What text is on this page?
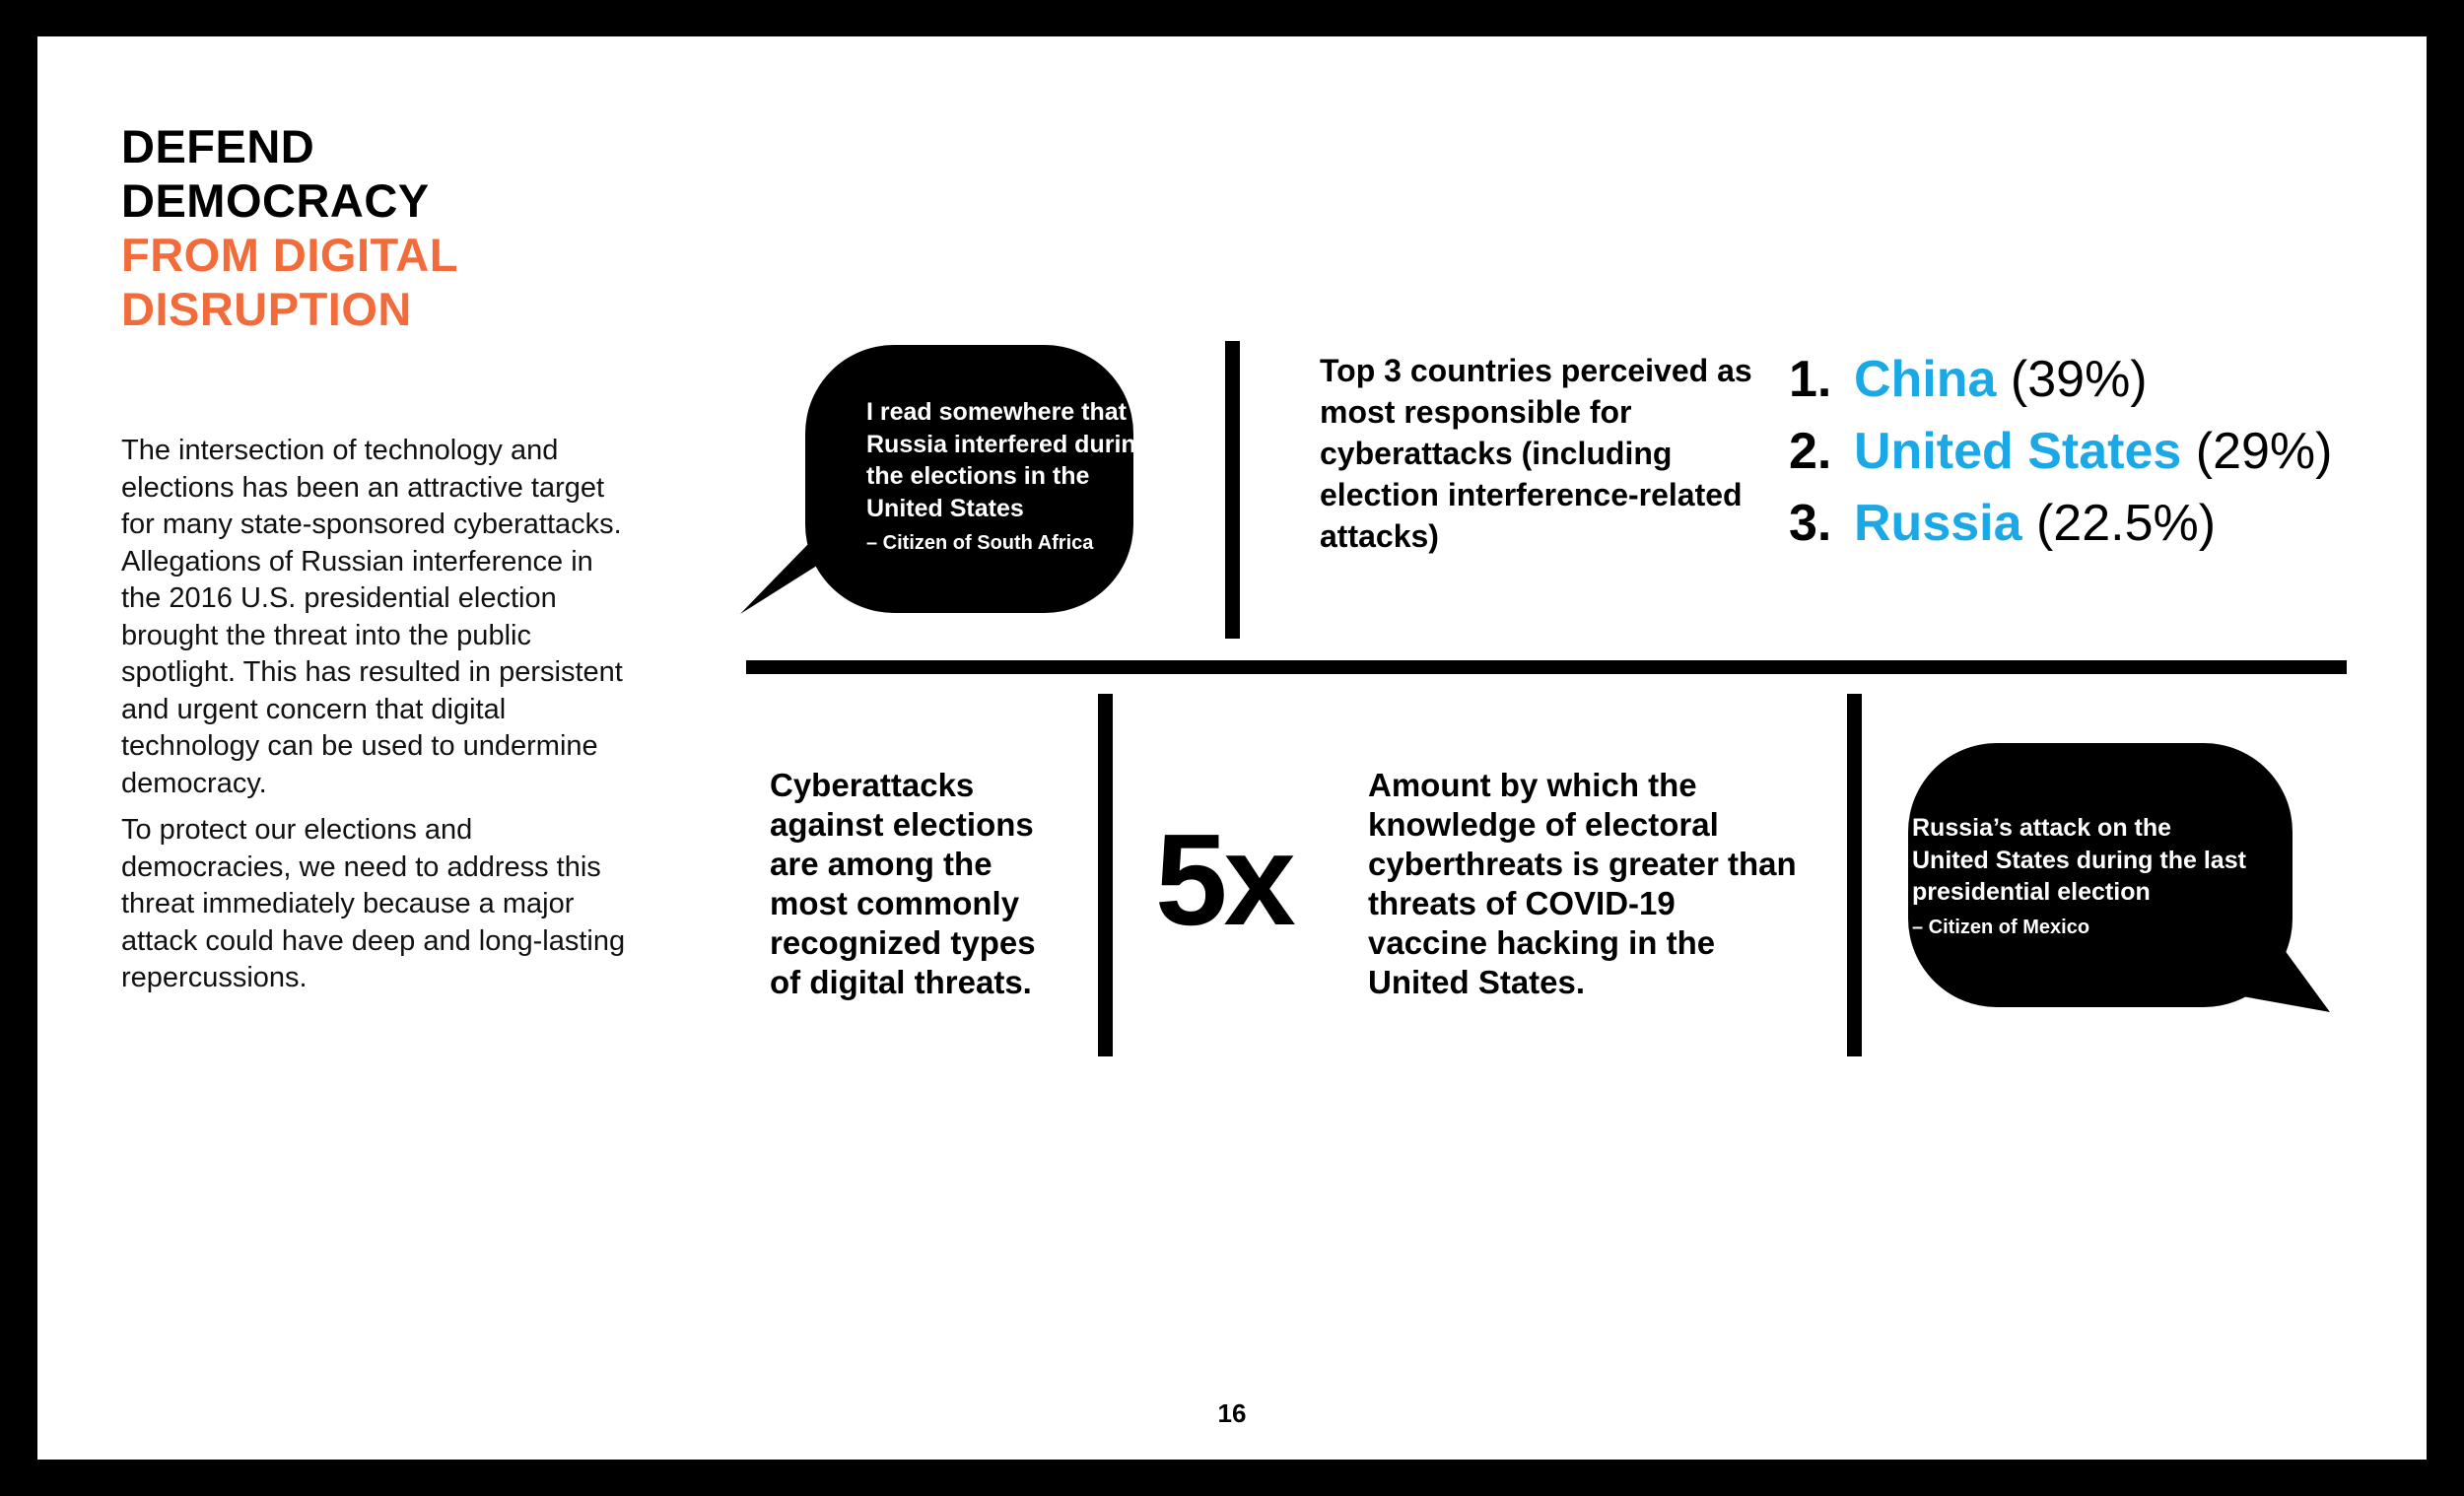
DEFEND
DEMOCRACY
FROM DIGITAL
DISRUPTION

The intersection of technology and elections has been an attractive target for many state-sponsored cyberattacks. Allegations of Russian interference in the 2016 U.S. presidential election brought the threat into the public spotlight. This has resulted in persistent and urgent concern that digital technology can be used to undermine democracy.

To protect our elections and democracies, we need to address this threat immediately because a major attack could have deep and long-lasting repercussions.

I read somewhere that Russia interfered during the elections in the United States
– Citizen of South Africa
Top 3 countries perceived as most responsible for cyberattacks (including election interference-related attacks)
1. China (39%)
2. United States (29%)
3. Russia (22.5%)
Cyberattacks against elections are among the most commonly recognized types of digital threats.
5x
Amount by which the knowledge of electoral cyberthreats is greater than threats of COVID-19 vaccine hacking in the United States.
Russia’s attack on the United States during the last presidential election
– Citizen of Mexico
16
